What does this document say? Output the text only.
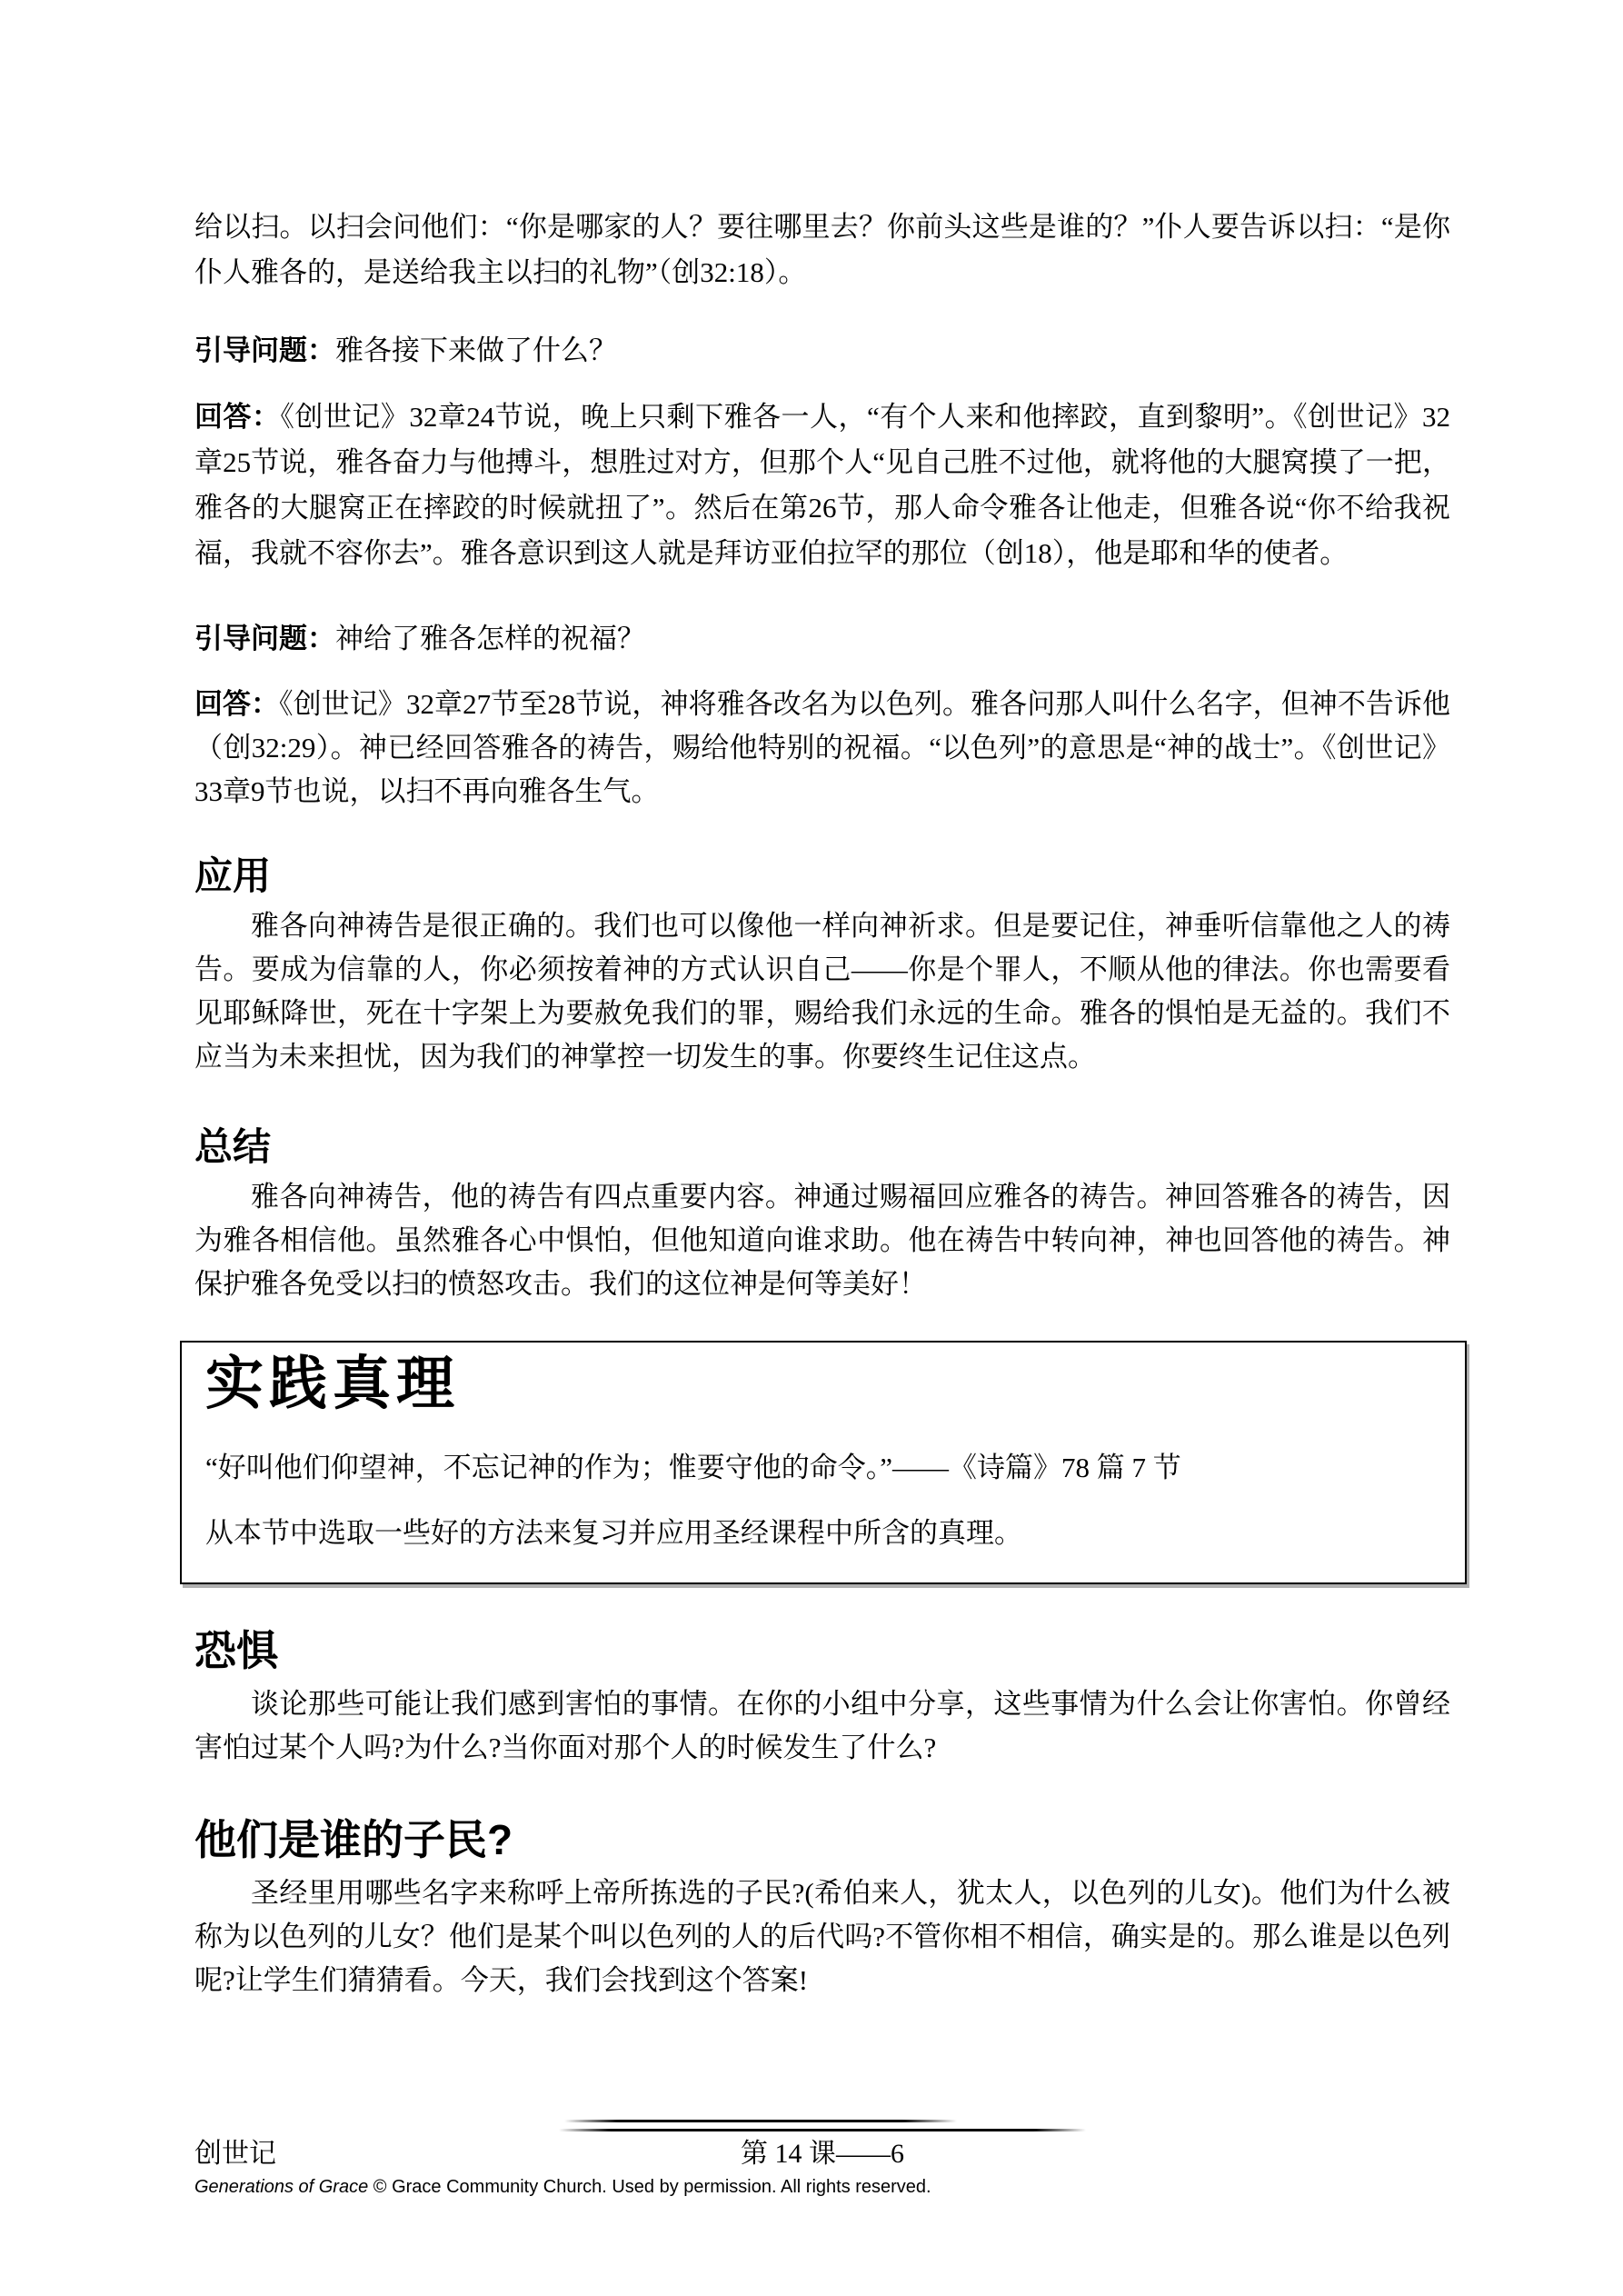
给以扫。以扫会问他们：“你是哪家的人？要往哪里去？你前头这些是谁的？”仆人要告诉以扫：“是你仆人雅各的，是送给我主以扫的礼物”（创32:18）。

引导问题：雅各接下来做了什么？

回答：《创世记》32章24节说，晚上只剩下雅各一人，“有个人来和他摔跤，直到黎明”。《创世记》32章25节说，雅各奋力与他搏斗，想胜过对方，但那个人“见自己胜不过他，就将他的大腿窝摸了一把，雅各的大腿窝正在摔跤的时候就扭了”。然后在第26节，那人命令雅各让他走，但雅各说“你不给我祝福，我就不容你去”。雅各意识到这人就是拜访亚伯拉罕的那位（创18），他是耶和华的使者。

引导问题：神给了雅各怎样的祝福？

回答：《创世记》32章27节至28节说，神将雅各改名为以色列。雅各问那人叫什么名字，但神不告诉他（创32:29）。神已经回答雅各的祷告，赐给他特别的祝福。“以色列”的意思是“神的战士”。《创世记》33章9节也说，以扫不再向雅各生气。

应用

雅各向神祷告是很正确的。我们也可以像他一样向神祈求。但是要记住，神垂听信靠他之人的祷告。要成为信靠的人，你必须按着神的方式认识自己——你是个罪人，不顺从他的律法。你也需要看见耶稣降世，死在十字架上为要赦免我们的罪，赐给我们永远的生命。雅各的惧怕是无益的。我们不应当为未来担忧，因为我们的神掌控一切发生的事。你要终生记住这点。

总结

雅各向神祷告，他的祷告有四点重要内容。神通过赐福回应雅各的祷告。神回答雅各的祷告，因为雅各相信他。虽然雅各心中惧怕，但他知道向谁求助。他在祷告中转向神，神也回答他的祷告。神保护雅各免受以扫的愤怒攻击。我们的这位神是何等美好！

实践真理

“好叫他们仰望神，不忘记神的作为；惟要守他的命令。”——《诗篇》78 篇 7 节

从本节中选取一些好的方法来复习并应用圣经课程中所含的真理。

恐惧

谈论那些可能让我们感到害怕的事情。在你的小组中分享，这些事情为什么会让你害怕。你曾经害怕过某个人吗?为什么?当你面对那个人的时候发生了什么?

他们是谁的子民?

圣经里用哪些名字来称呼上帝所拣选的子民?(希伯来人，犹太人，以色列的儿女)。他们为什么被称为以色列的儿女？他们是某个叫以色列的人的后代吗?不管你相不相信，确实是的。那么谁是以色列呢?让学生们猜猜看。今天，我们会找到这个答案!

创世记	第 14 课——6
Generations of Grace © Grace Community Church. Used by permission. All rights reserved.
